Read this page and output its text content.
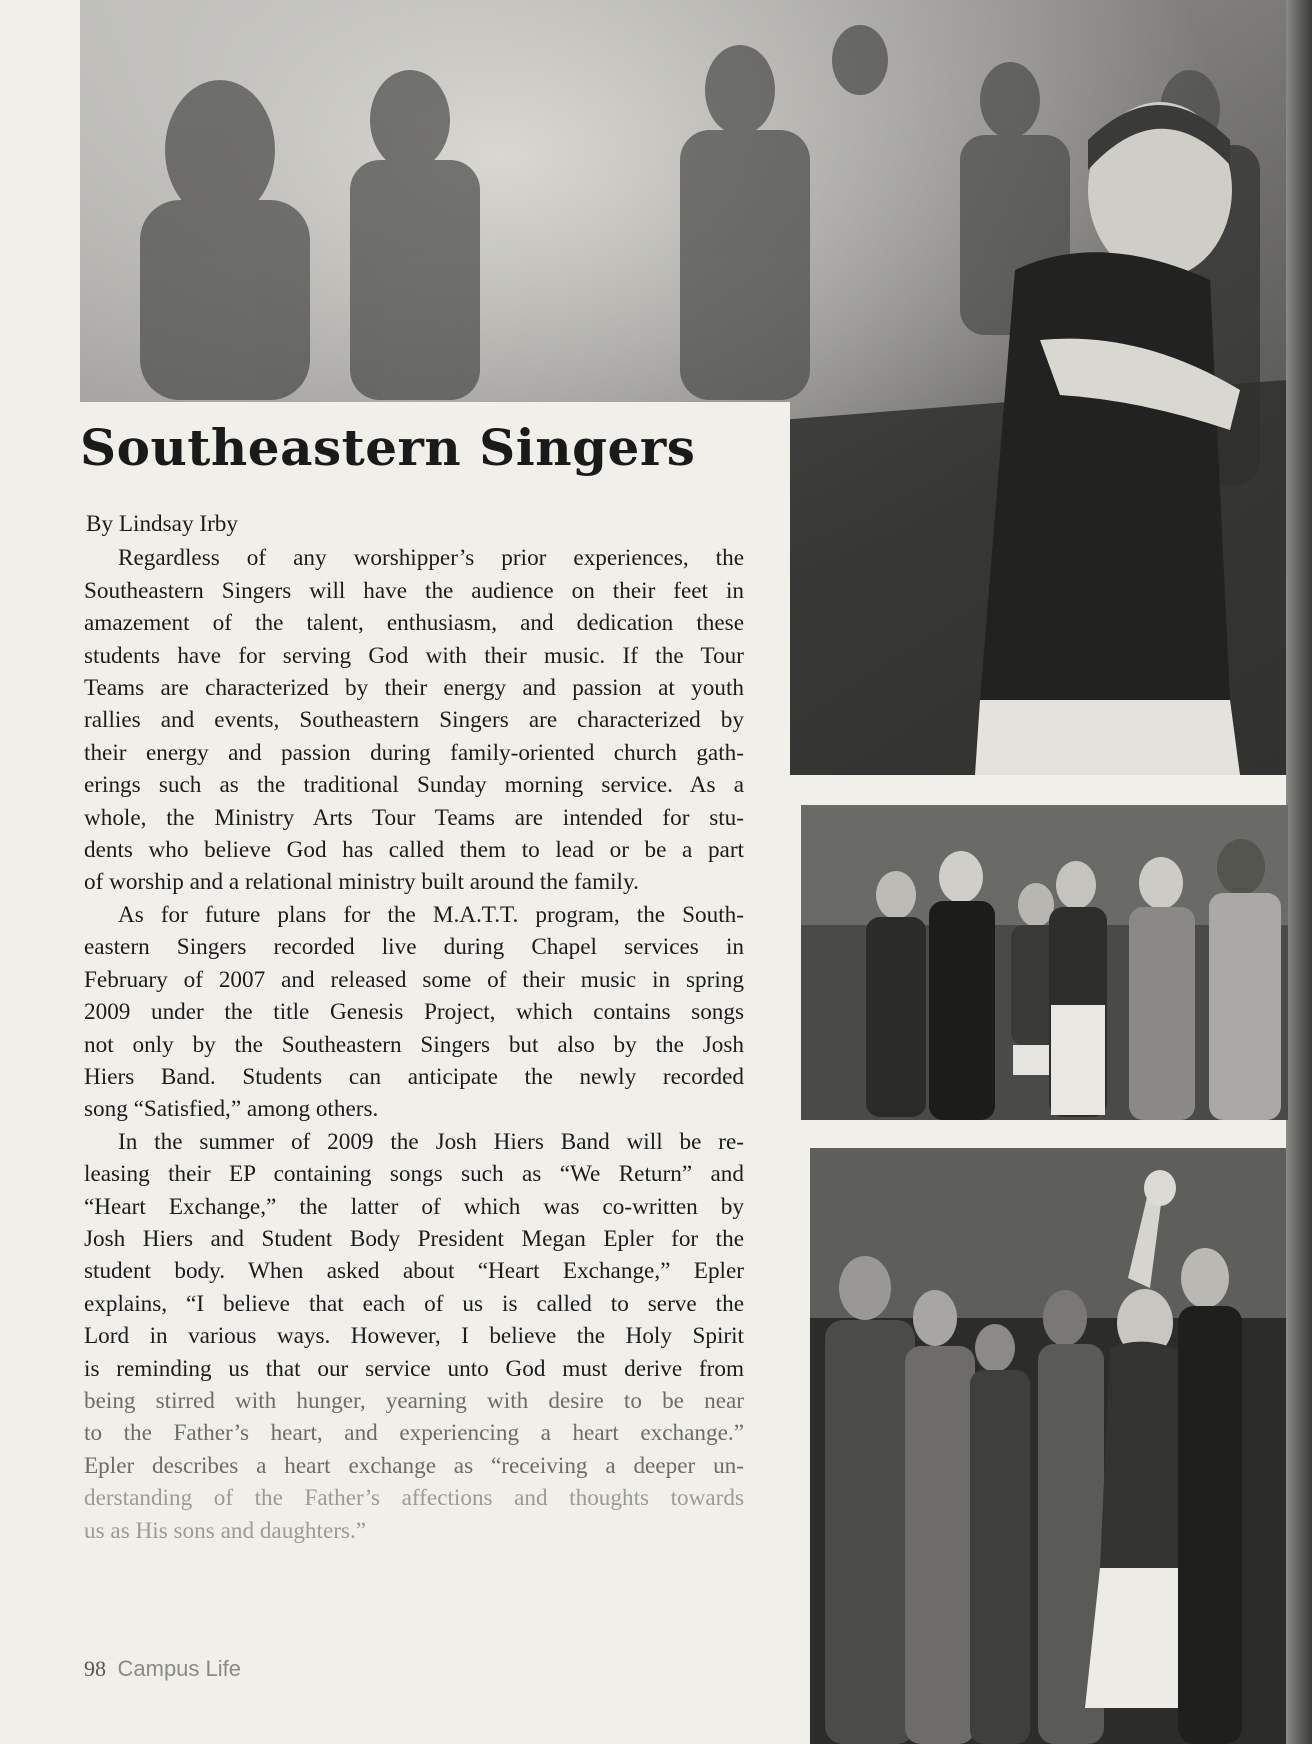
Southeastern Singers
By Lindsay Irby

Regardless of any worshipper’s prior experiences, the
Southeastern Singers will have the audience on their feet in
amazement of the talent, enthusiasm, and dedication these
students have for serving God with their music. If the Tour
Teams are characterized by their energy and passion at youth
rallies and events, Southeastern Singers are characterized by
their energy and passion during family-oriented church gath-
erings such as the traditional Sunday morning service. As a
whole, the Ministry Arts Tour Teams are intended for stu-
dents who believe God has called them to lead or be a part
of worship and a relational ministry built around the family.

As for future plans for the M.A.T.T. program, the South-
eastern Singers recorded live during Chapel services in
February of 2007 and released some of their music in spring
2009 under the title Genesis Project, which contains songs
not only by the Southeastern Singers but also by the Josh
Hiers Band. Students can anticipate the newly recorded
song “Satisfied,” among others.

In the summer of 2009 the Josh Hiers Band will be re-
leasing their EP containing songs such as “We Return” and
“Heart Exchange,” the latter of which was co-written by
Josh Hiers and Student Body President Megan Epler for the
student body. When asked about “Heart Exchange,” Epler
explains, “I believe that each of us is called to serve the
Lord in various ways. However, I believe the Holy Spirit
is reminding us that our service unto God must derive from
being stirred with hunger, yearning with desire to be near
to the Father’s heart, and experiencing a heart exchange.”
Epler describes a heart exchange as “receiving a deeper un-
derstanding of the Father’s affections and thoughts towards
us as His sons and daughters.”

98 Campus Life
